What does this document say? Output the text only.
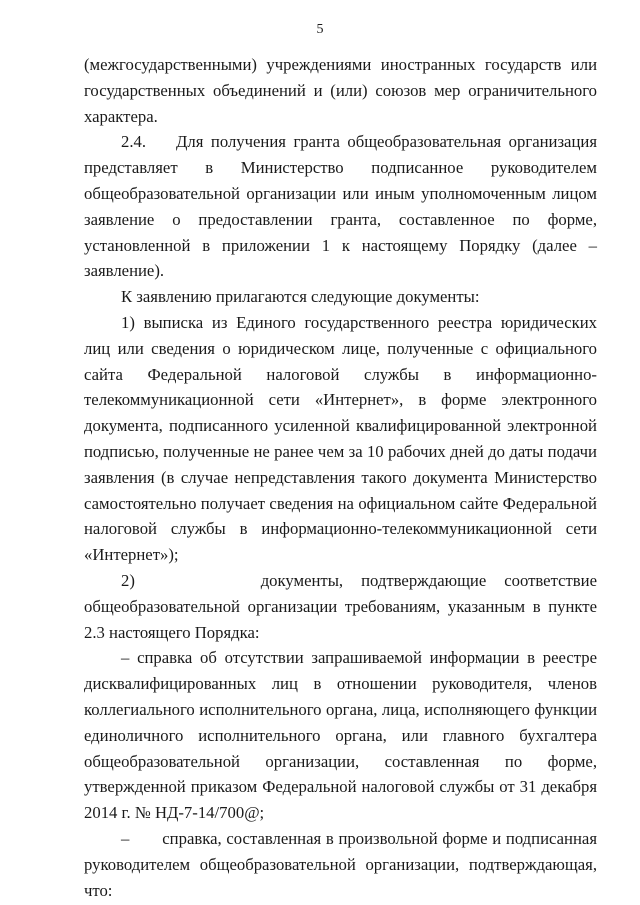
5

(межгосударственными) учреждениями иностранных государств или государственных объединений и (или) союзов мер ограничительного характера.

2.4.    Для получения гранта общеобразовательная организация представляет в Министерство подписанное руководителем общеобразовательной организации или иным уполномоченным лицом заявление о предоставлении гранта, составленное по форме, установленной в приложении 1 к настоящему Порядку (далее – заявление).

К заявлению прилагаются следующие документы:

1) выписка из Единого государственного реестра юридических лиц или сведения о юридическом лице, полученные с официального сайта Федеральной налоговой службы в информационно-телекоммуникационной сети «Интернет», в форме электронного документа, подписанного усиленной квалифицированной электронной подписью, полученные не ранее чем за 10 рабочих дней до даты подачи заявления (в случае непредставления такого документа Министерство самостоятельно получает сведения на официальном сайте Федеральной налоговой службы в информационно-телекоммуникационной сети «Интернет»);

2)       документы, подтверждающие соответствие общеобразовательной организации требованиям, указанным в пункте 2.3 настоящего Порядка:

– справка об отсутствии запрашиваемой информации в реестре дисквалифицированных лиц в отношении руководителя, членов коллегиального исполнительного органа, лица, исполняющего функции единоличного исполнительного органа, или главного бухгалтера общеобразовательной организации, составленная по форме, утвержденной приказом Федеральной налоговой службы от 31 декабря 2014 г. № НД-7-14/700@;

–       справка, составленная в произвольной форме и подписанная руководителем общеобразовательной организации, подтверждающая, что:
